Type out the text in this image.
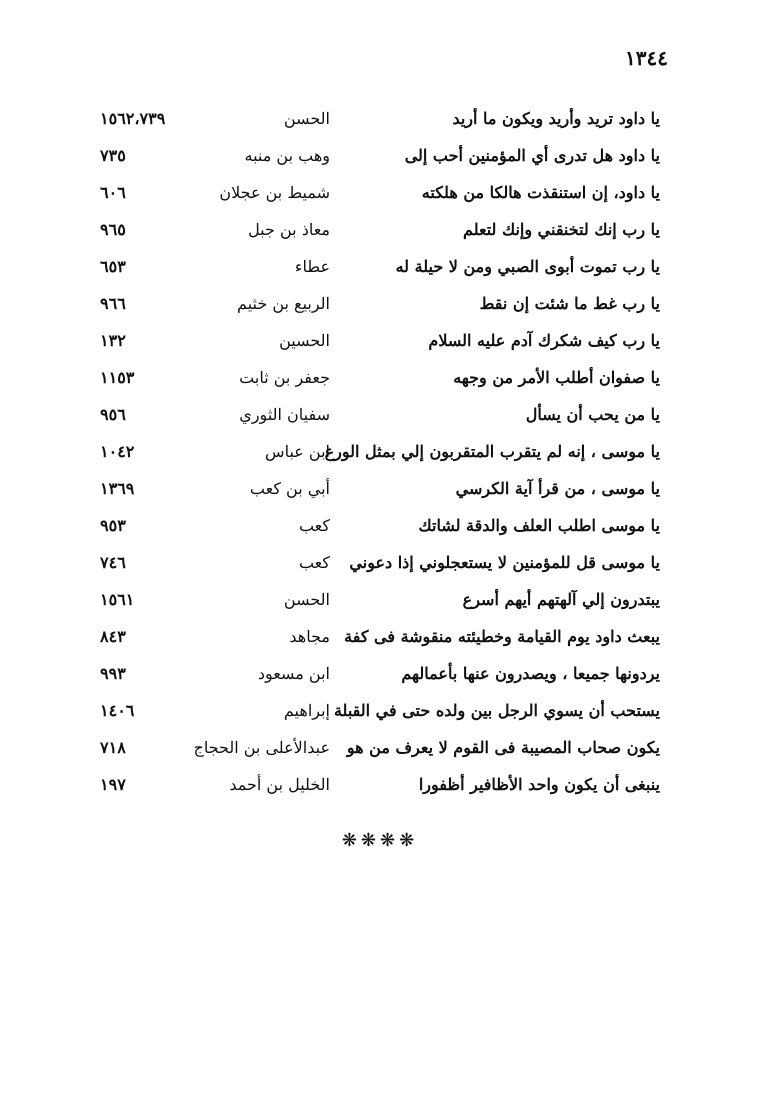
١٣٤٤
يا داود تريد وأريد ويكون ما أريد
الحسن
١٥٦٢،٧٣٩
يا داود هل تدرى أي المؤمنين أحب إلى
وهب بن منبه
٧٣٥
يا داود، إن استنقذت هالكا من هلكته
شميط بن عجلان
٦٠٦
يا رب إنك لتخنقني وإنك لتعلم
معاذ بن جبل
٩٦٥
يا رب تموت أبوى الصبي ومن لا حيلة له
عطاء
٦٥٣
يا رب غط ما شئت إن نقط
الربيع بن خثيم
٩٦٦
يا رب كيف شكرك آدم عليه السلام
الحسين
١٣٢
يا صفوان أطلب الأمر من وجهه
جعفر بن ثابت
١١٥٣
يا من يحب أن يسأل
سفيان الثوري
٩٥٦
يا موسى ، إنه لم يتقرب المتقربون إلي بمثل الورع
ابن عباس
١٠٤٢
يا موسى ، من قرأ آية الكرسي
أبي بن كعب
١٣٦٩
يا موسى اطلب العلف والدقة لشاتك
كعب
٩٥٣
يا موسى قل للمؤمنين لا يستعجلوني إذا دعوني
كعب
٧٤٦
يبتدرون إلي آلهتهم أيهم أسرع
الحسن
١٥٦١
يبعث داود يوم القيامة وخطيئته منقوشة فى كفة
مجاهد
٨٤٣
يردونها جميعا ، ويصدرون عنها بأعمالهم
ابن مسعود
٩٩٣
يستحب أن يسوي الرجل بين ولده حتى في القبلة
إبراهيم
١٤٠٦
يكون صحاب المصيبة فى القوم لا يعرف من هو
عبدالأعلى بن الحجاج
٧١٨
ينبغى أن يكون واحد الأظافير أظفورا
الخليل بن أحمد
١٩٧
❋❋❋❋
